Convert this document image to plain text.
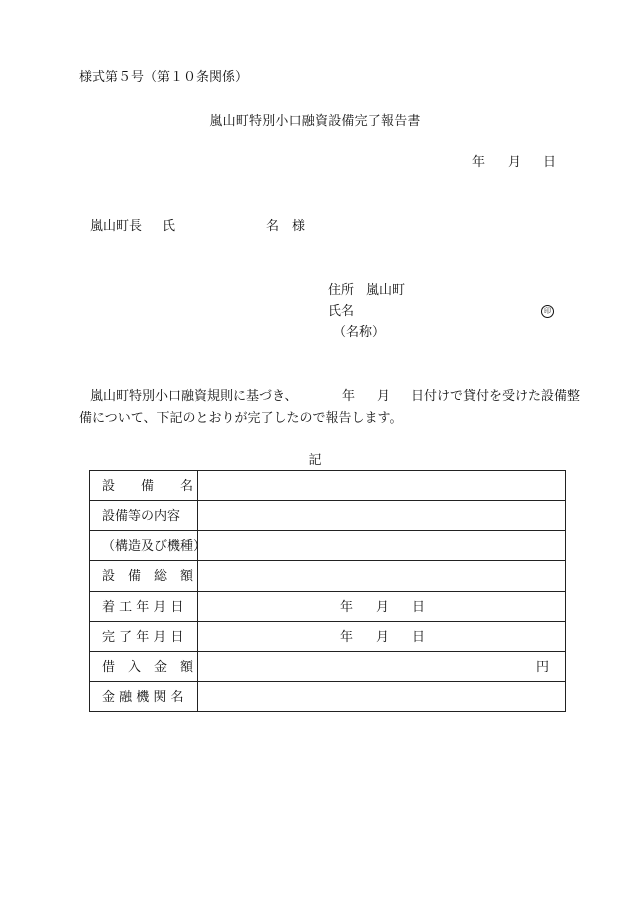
様式第５号（第１０条関係）
嵐山町特別小口融資設備完了報告書
年 月 日
嵐山町長 氏	名　様
住所 嵐山町
氏名	印
（名称）
嵐山町特別小口融資規則に基づき、	年 月 日付けで貸付を受けた設備整
備について、下記のとおりが完了したので報告します。
記
設　　備　　名	

設備等の内容	

（構造及び機種）	

設　備　総　額	

着 工 年 月 日	年 月 日

完 了 年 月 日	年 月 日

借　入　金　額	円

金 融 機 関 名	
